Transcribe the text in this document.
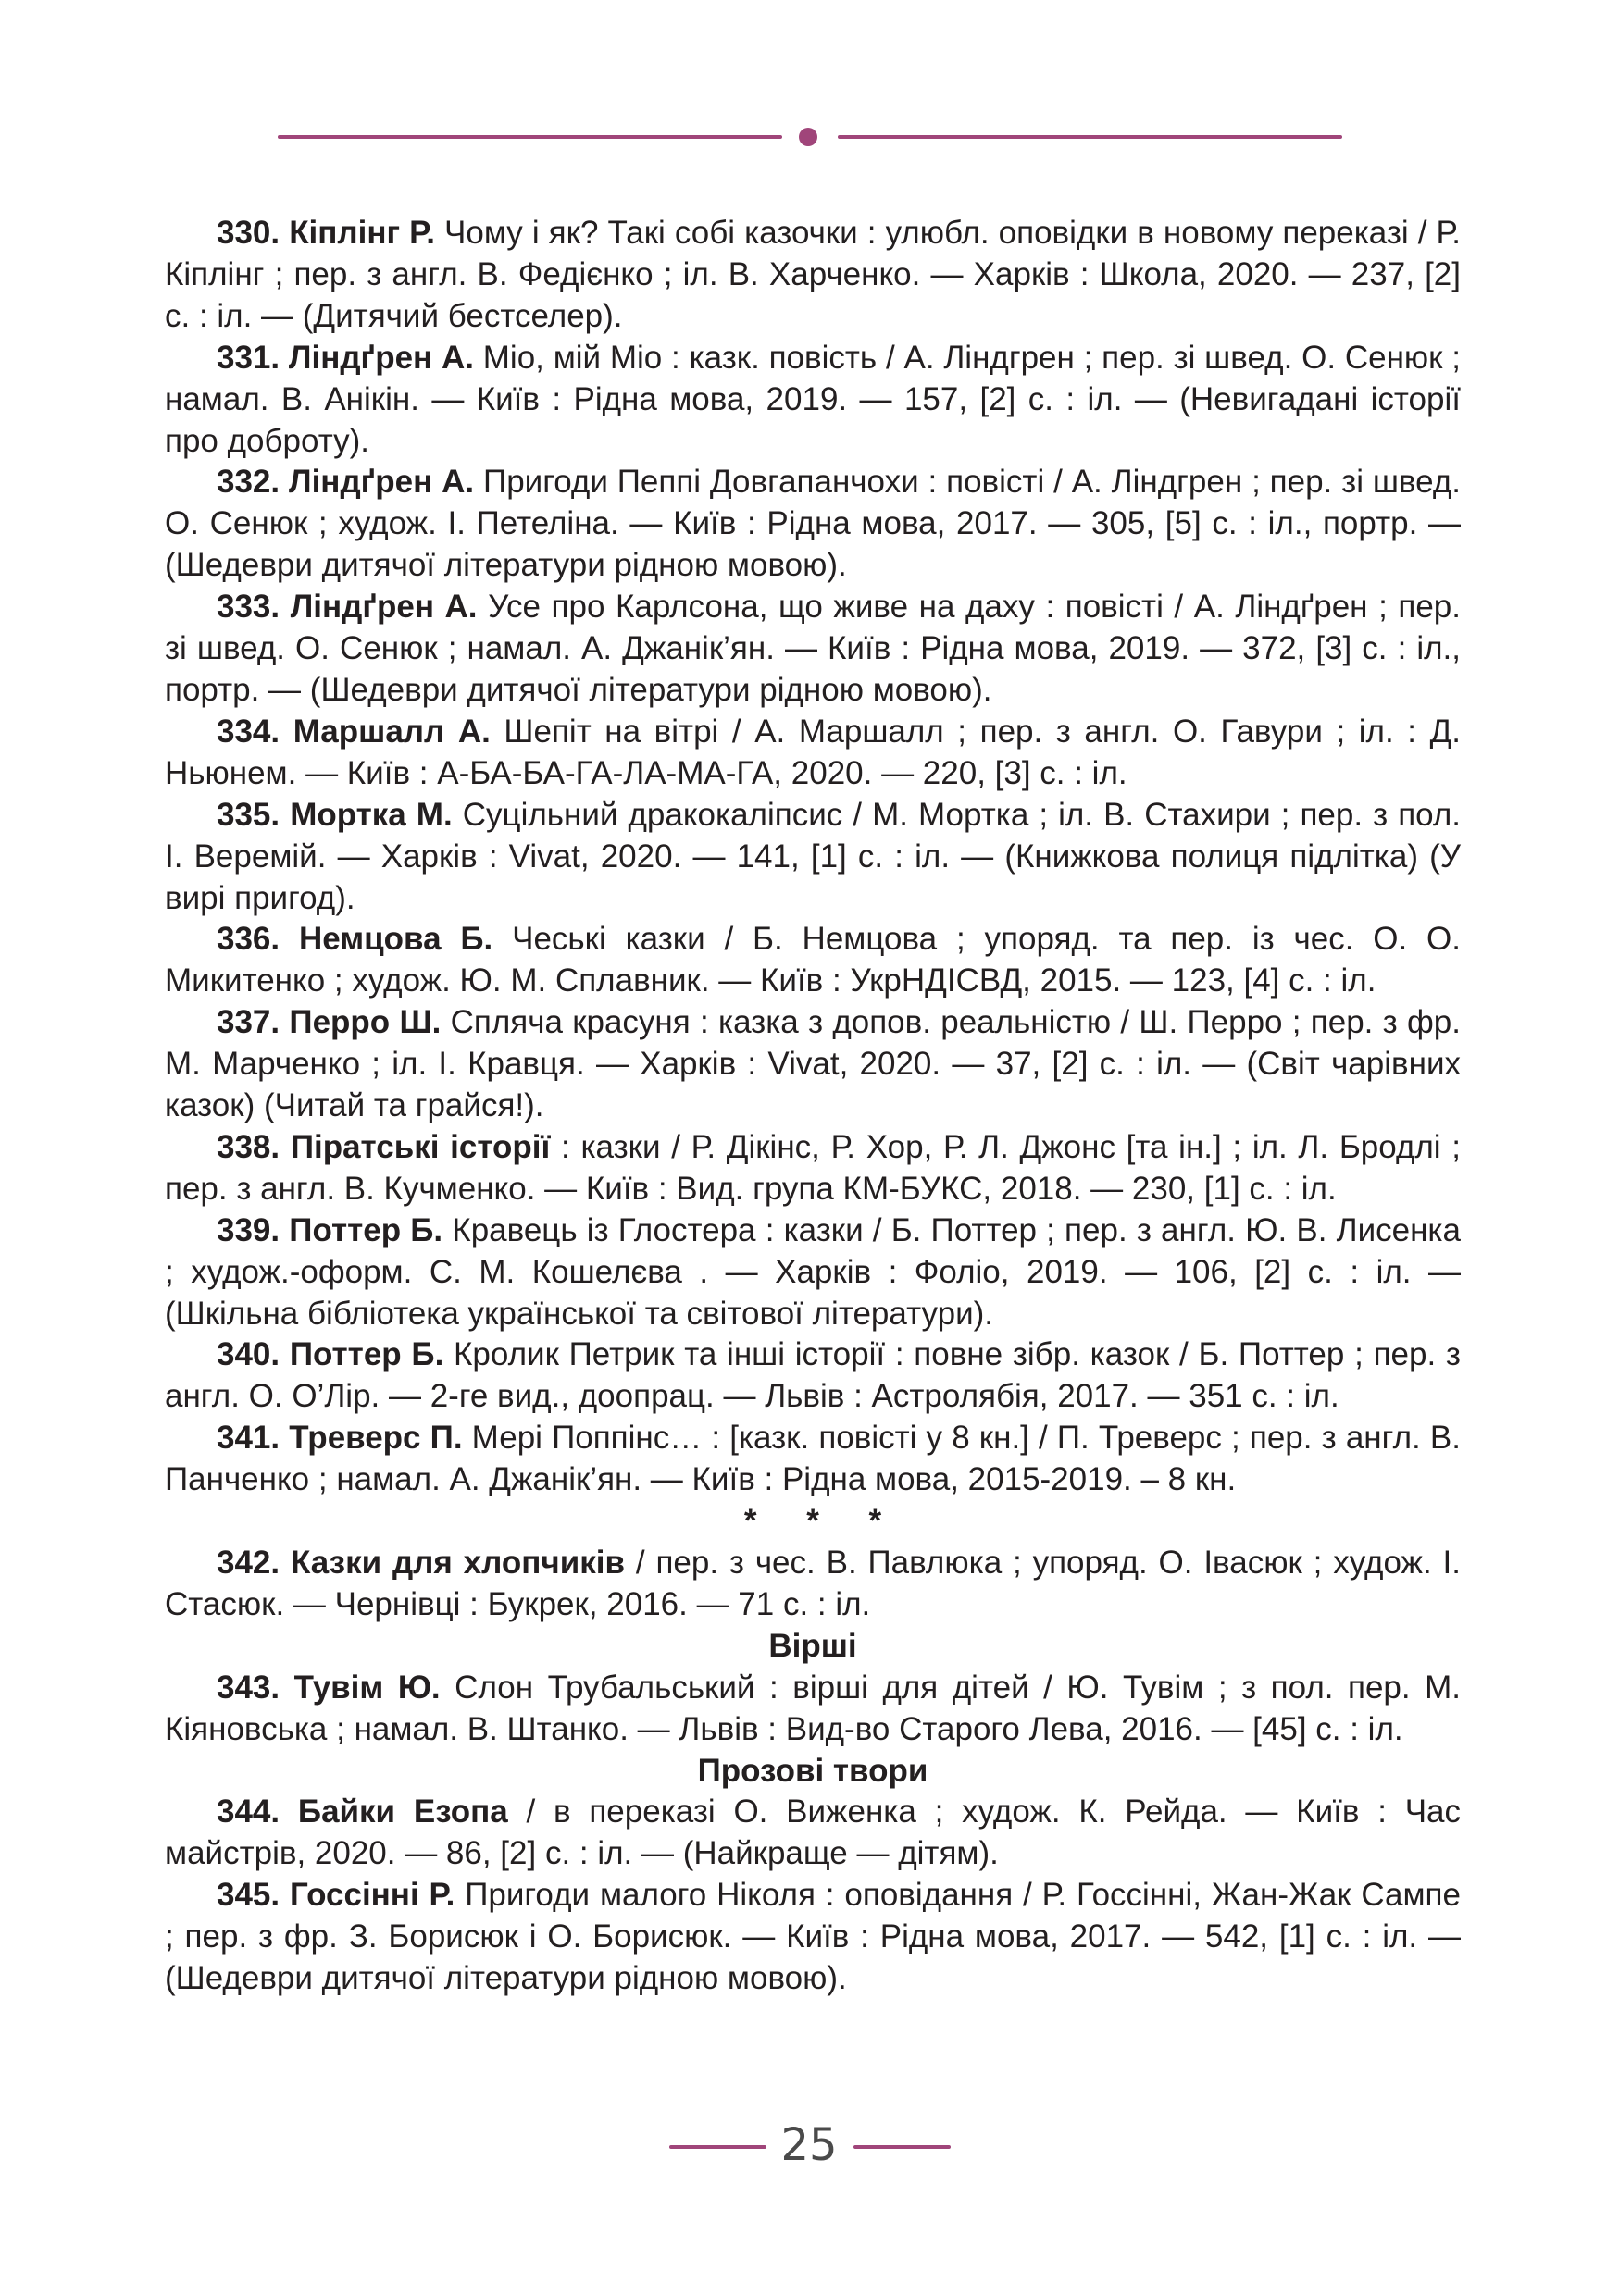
330. Кіплінг Р. Чому і як? Такі собі казочки : улюбл. оповідки в новому переказі / Р. Кіплінг ; пер. з англ. В. Федієнко ; іл. В. Харченко. — Харків : Школа, 2020. — 237, [2] с. : іл. — (Дитячий бестселер).

331. Ліндґрен А. Міо, мій Міо : казк. повість / А. Ліндгрен ; пер. зі швед. О. Сенюк ; намал. В. Анікін. — Київ : Рідна мова, 2019. — 157, [2] с. : іл. — (Невигадані історії про доброту).

332. Ліндґрен А. Пригоди Пеппі Довгапанчохи : повісті / А. Ліндгрен ; пер. зі швед. О. Сенюк ; худож. І. Петеліна. — Київ : Рідна мова, 2017. — 305, [5] с. : іл., портр. — (Шедеври дитячої літератури рідною мовою).

333. Ліндґрен А. Усе про Карлсона, що живе на даху : повісті / А. Ліндґрен ; пер. зі швед. О. Сенюк ; намал. А. Джанік’ян. — Київ : Рідна мова, 2019. — 372, [3] с. : іл., портр. — (Шедеври дитячої літератури рідною мовою).

334. Маршалл А. Шепіт на вітрі / А. Маршалл ; пер. з англ. О. Гавури ; іл. : Д. Ньюнем. — Київ : А-БА-БА-ГА-ЛА-МА-ГА, 2020. — 220, [3] с. : іл.

335. Мортка М. Суцільний дракокаліпсис / М. Мортка ; іл. В. Стахири ; пер. з пол. І. Веремій. — Харків : Vivat, 2020. — 141, [1] с. : іл. — (Книжкова полиця підлітка) (У вирі пригод).

336. Немцова Б. Чеські казки / Б. Немцова ; упоряд. та пер. із чес. О. О. Микитенко ; худож. Ю. М. Сплавник. — Київ : УкрНДІСВД, 2015. — 123, [4] с. : іл.

337. Перро Ш. Спляча красуня : казка з допов. реальністю / Ш. Перро ; пер. з фр. М. Марченко ; іл. І. Кравця. — Харків : Vivat, 2020. — 37, [2] с. : іл. — (Світ чарівних казок) (Читай та грайся!).

338. Піратські історії : казки / Р. Дікінс, Р. Хор, Р. Л. Джонс [та ін.] ; іл. Л. Бродлі ; пер. з англ. В. Кучменко. — Київ : Вид. група КМ-БУКС, 2018. — 230, [1] с. : іл.

339. Поттер Б. Кравець із Глостера : казки / Б. Поттер ; пер. з англ. Ю. В. Лисенка ; худож.-оформ. С. М. Кошелєва . — Харків : Фоліо, 2019. — 106, [2] с. : іл. — (Шкільна бібліотека української та світової літератури).

340. Поттер Б. Кролик Петрик та інші історії : повне зібр. казок / Б. Поттер ; пер. з англ. О. О’Лір. — 2-ге вид., доопрац. — Львів : Астролябія, 2017. — 351 с. : іл.

341. Треверс П. Мері Поппінс… : [казк. повісті у 8 кн.] / П. Треверс ; пер. з англ. В. Панченко ; намал. А. Джанік’ян. — Київ : Рідна мова, 2015-2019. – 8 кн.

* * *

342. Казки для хлопчиків / пер. з чес. В. Павлюка ; упоряд. О. Івасюк ; худож. І. Стасюк. — Чернівці : Букрек, 2016. — 71 с. : іл.

Вірші

343. Тувім Ю. Слон Трубальський : вірші для дітей / Ю. Тувім ; з пол. пер. М. Кіяновська ; намал. В. Штанко. — Львів : Вид-во Старого Лева, 2016. — [45] с. : іл.

Прозові твори

344. Байки Езопа / в переказі О. Виженка ; худож. К. Рейда. — Київ : Час майстрів, 2020. — 86, [2] с. : іл. — (Найкраще — дітям).

345. Госсінні Р. Пригоди малого Ніколя : оповідання / Р. Госсінні, Жан-Жак Сампе ; пер. з фр. З. Борисюк і О. Борисюк. — Київ : Рідна мова, 2017. — 542, [1] с. : іл. — (Шедеври дитячої літератури рідною мовою).

25
